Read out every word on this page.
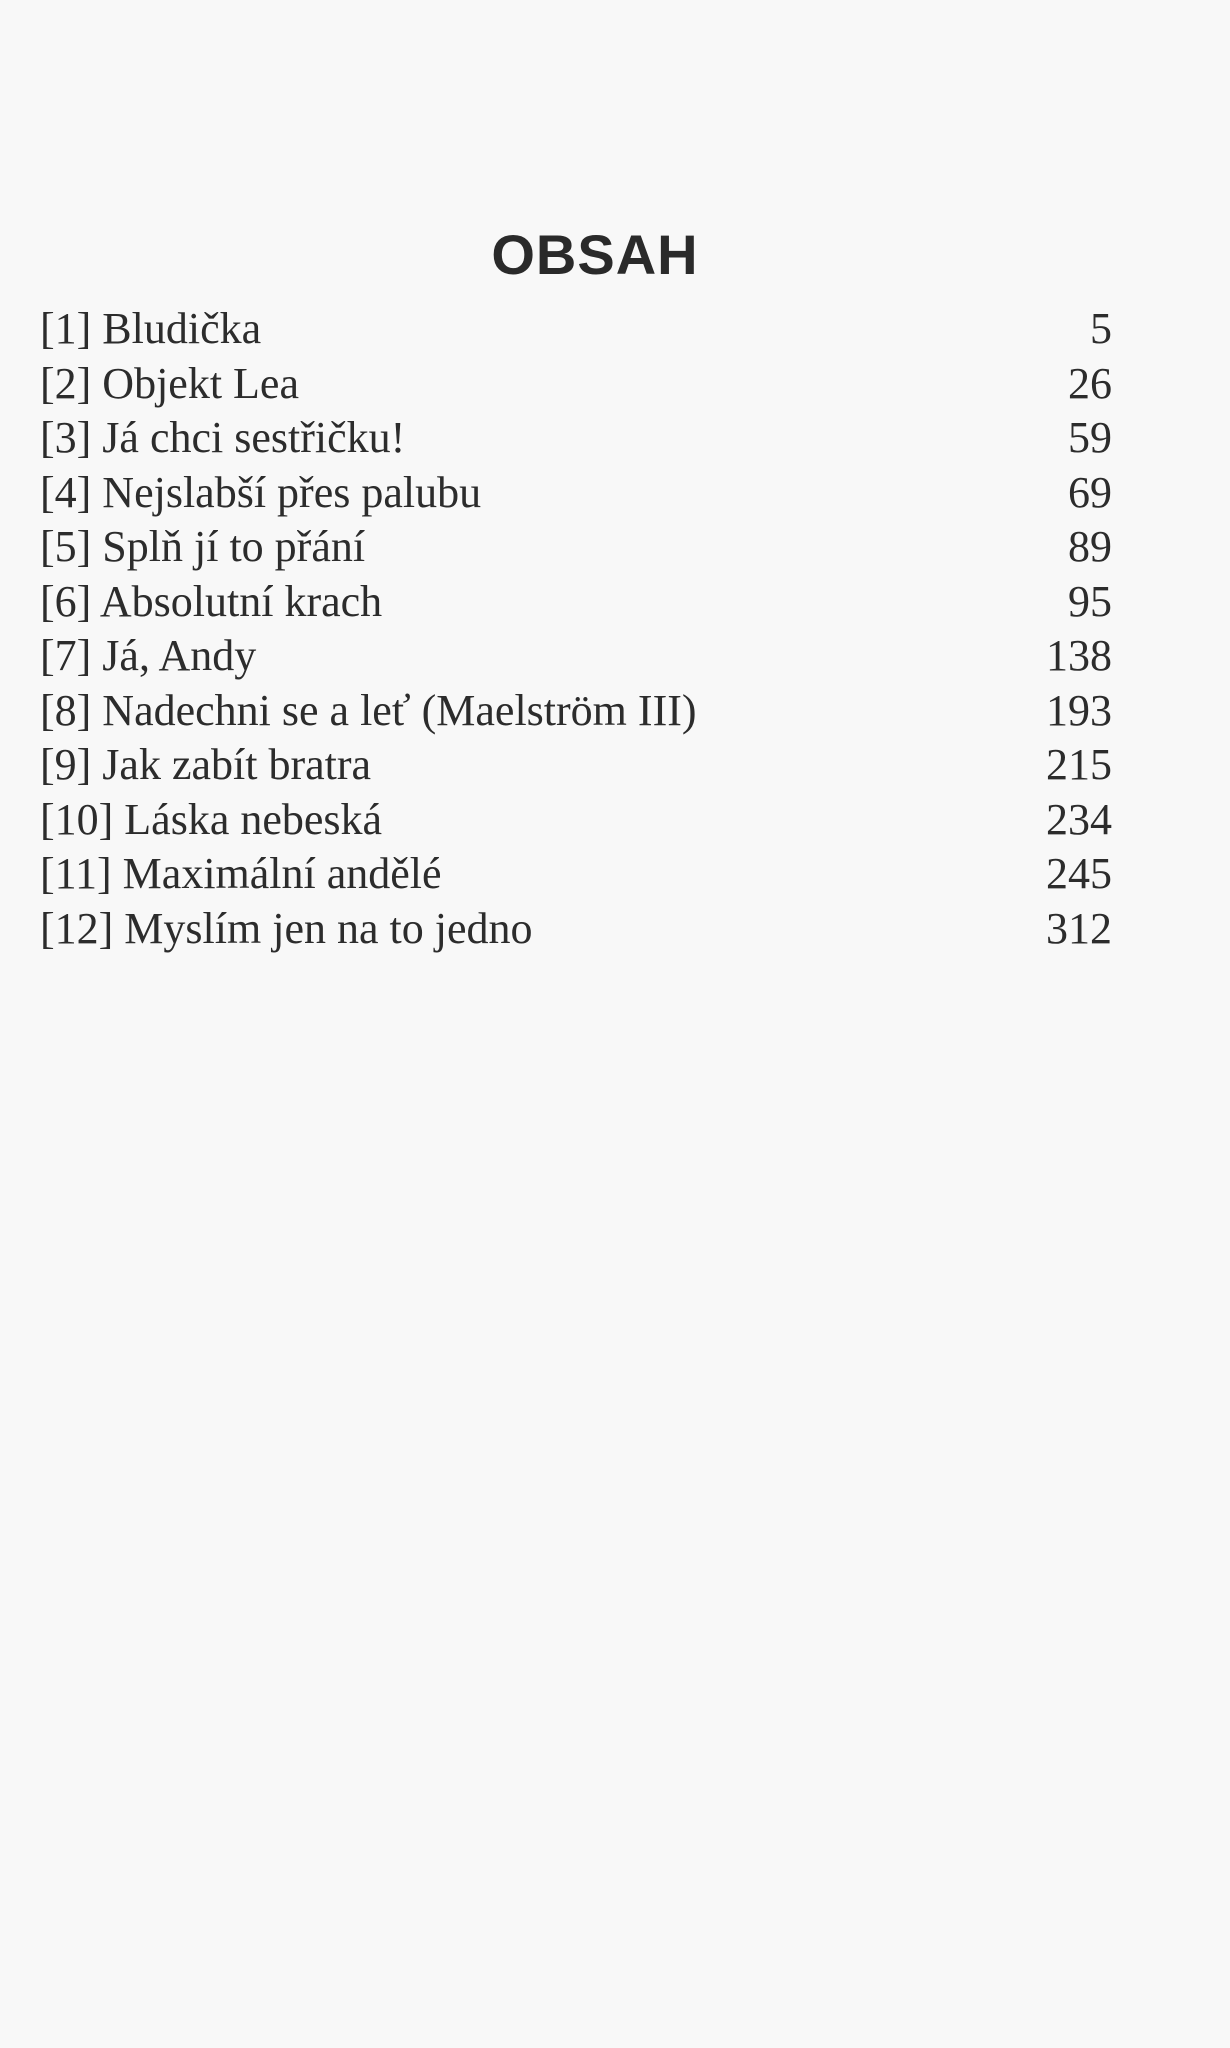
OBSAH
[1] Bludička	5
[2] Objekt Lea	26
[3] Já chci sestřičku!	59
[4] Nejslabší přes palubu	69
[5] Splň jí to přání	89
[6] Absolutní krach	95
[7] Já, Andy	138
[8] Nadechni se a leť (Maelström III)	193
[9] Jak zabít bratra	215
[10] Láska nebeská	234
[11] Maximální andělé	245
[12] Myslím jen na to jedno	312
